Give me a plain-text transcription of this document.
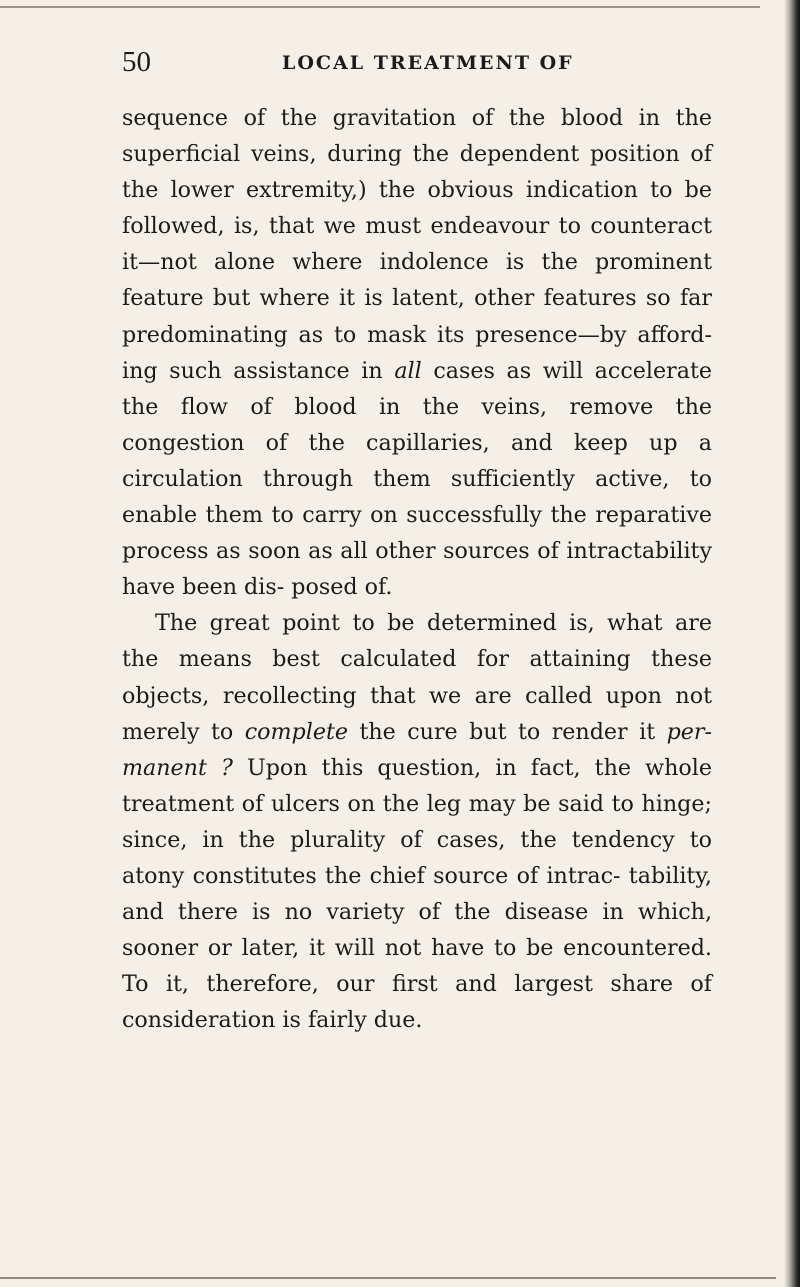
50	LOCAL TREATMENT OF

sequence of the gravitation of the blood in the superficial veins, during the dependent position of the lower extremity,) the obvious indication to be followed, is, that we must endeavour to counteract it—not alone where indolence is the prominent feature but where it is latent, other features so far predominating as to mask its presence—by afford- ing such assistance in all cases as will accelerate the flow of blood in the veins, remove the congestion of the capillaries, and keep up a circulation through them sufficiently active, to enable them to carry on successfully the reparative process as soon as all other sources of intractability have been dis- posed of.

The great point to be determined is, what are the means best calculated for attaining these objects, recollecting that we are called upon not merely to complete the cure but to render it per- manent ? Upon this question, in fact, the whole treatment of ulcers on the leg may be said to hinge; since, in the plurality of cases, the tendency to atony constitutes the chief source of intrac- tability, and there is no variety of the disease in which, sooner or later, it will not have to be encountered. To it, therefore, our first and largest share of consideration is fairly due.
